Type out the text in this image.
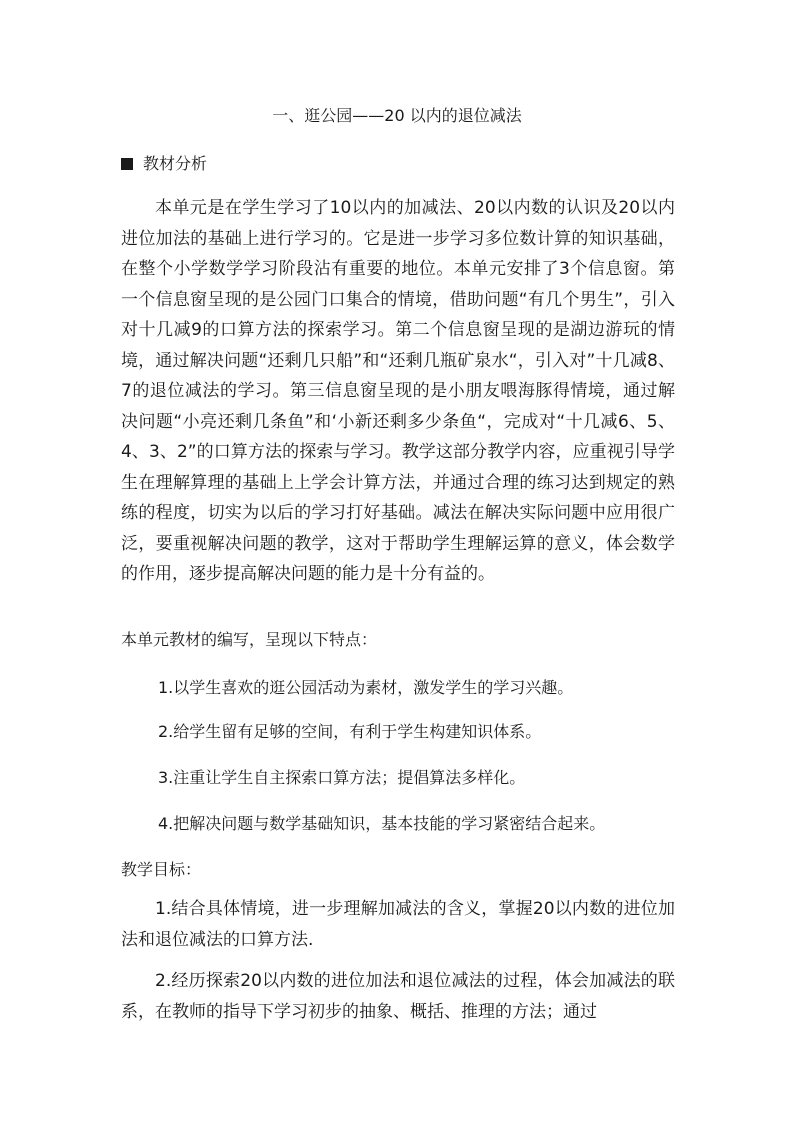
一、逛公园——20 以内的退位减法
教材分析

本单元是在学生学习了10以内的加减法、20以内数的认识及20以内进位加法的基础上进行学习的。它是进一步学习多位数计算的知识基础，在整个小学数学学习阶段沾有重要的地位。本单元安排了3个信息窗。第一个信息窗呈现的是公园门口集合的情境，借助问题“有几个男生”，引入对十几减9的口算方法的探索学习。第二个信息窗呈现的是湖边游玩的情境，通过解决问题“还剩几只船”和“还剩几瓶矿泉水“，引入对”十几减8、7的退位减法的学习。第三信息窗呈现的是小朋友喂海豚得情境，通过解决问题“小亮还剩几条鱼”和‘小新还剩多少条鱼“，完成对“十几减6、5、4、3、2”的口算方法的探索与学习。教学这部分教学内容，应重视引导学生在理解算理的基础上上学会计算方法，并通过合理的练习达到规定的熟练的程度，切实为以后的学习打好基础。减法在解决实际问题中应用很广泛，要重视解决问题的教学，这对于帮助学生理解运算的意义，体会数学的作用，逐步提高解决问题的能力是十分有益的。

本单元教材的编写，呈现以下特点：
1.以学生喜欢的逛公园活动为素材，激发学生的学习兴趣。
2.给学生留有足够的空间，有利于学生构建知识体系。
3.注重让学生自主探索口算方法；提倡算法多样化。
4.把解决问题与数学基础知识，基本技能的学习紧密结合起来。
教学目标：

1.结合具体情境，进一步理解加减法的含义，掌握20以内数的进位加法和退位减法的口算方法.

2.经历探索20以内数的进位加法和退位减法的过程，体会加减法的联系，在教师的指导下学习初步的抽象、概括、推理的方法；通过
